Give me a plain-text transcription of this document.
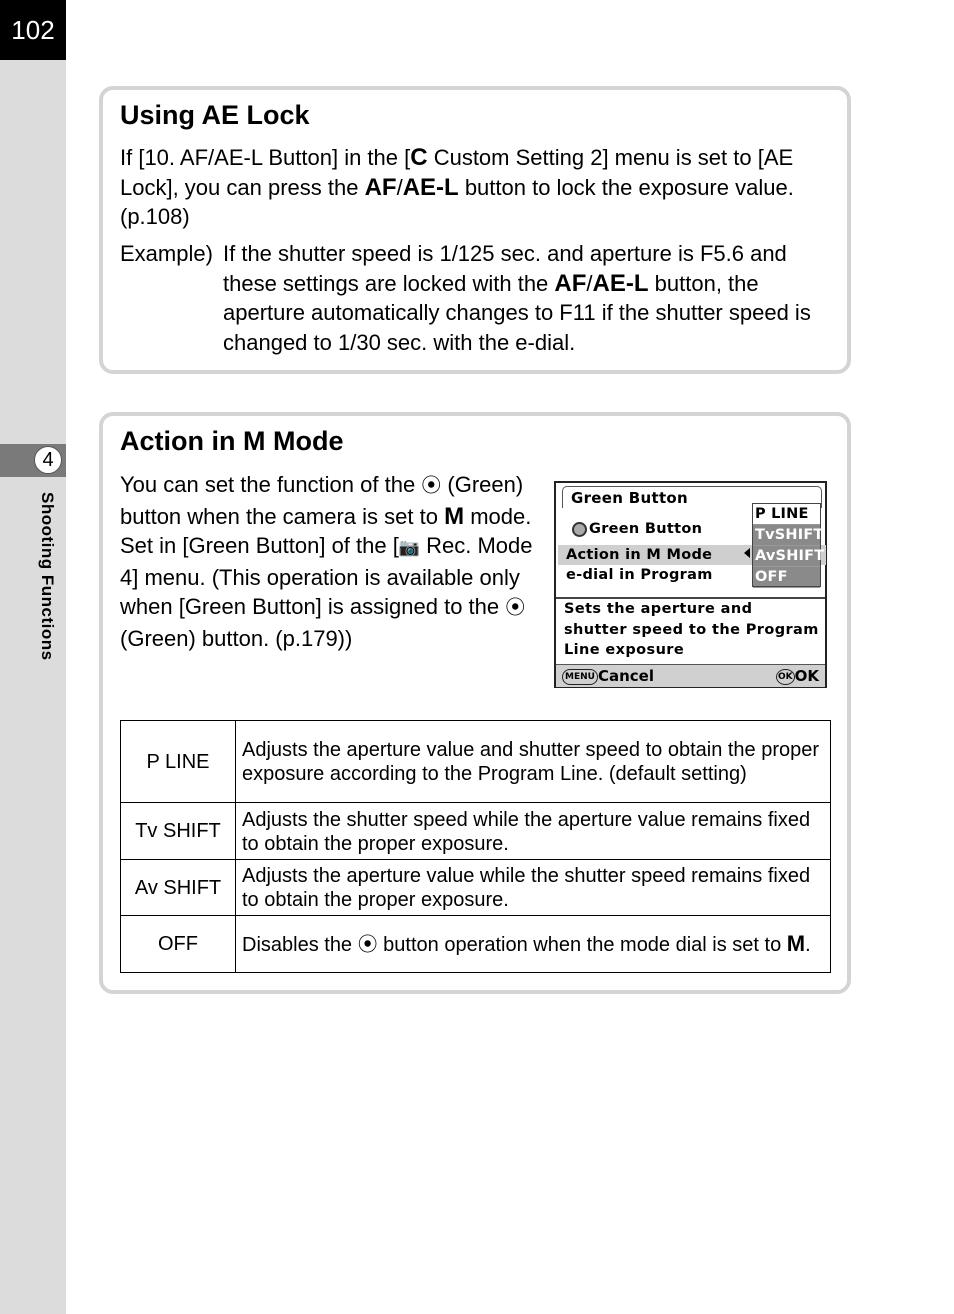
102
4
Shooting Functions
Using AE Lock

If [10. AF/AE-L Button] in the [C Custom Setting 2] menu is set to [AE Lock], you can press the AF/AE-L button to lock the exposure value. (p.108)

Example) If the shutter speed is 1/125 sec. and aperture is F5.6 and these settings are locked with the AF/AE-L button, the aperture automatically changes to F11 if the shutter speed is changed to 1/30 sec. with the e-dial.

Action in M Mode

You can set the function of the ⦿ (Green) button when the camera is set to M mode. Set in [Green Button] of the [📷 Rec. Mode 4] menu. (This operation is available only when [Green Button] is assigned to the ⦿ (Green) button. (p.179))

Green Button
Green Button
Action in M Mode
e-dial in Program
P LINE
TvSHIFT
AvSHIFT
OFF
Sets the aperture and shutter speed to the Program Line exposure
MENU Cancel	OK OK
P LINE	Adjusts the aperture value and shutter speed to obtain the proper exposure according to the Program Line. (default setting)
Tv SHIFT	Adjusts the shutter speed while the aperture value remains fixed to obtain the proper exposure.
Av SHIFT	Adjusts the aperture value while the shutter speed remains fixed to obtain the proper exposure.
OFF	Disables the ⦿ button operation when the mode dial is set to M.
